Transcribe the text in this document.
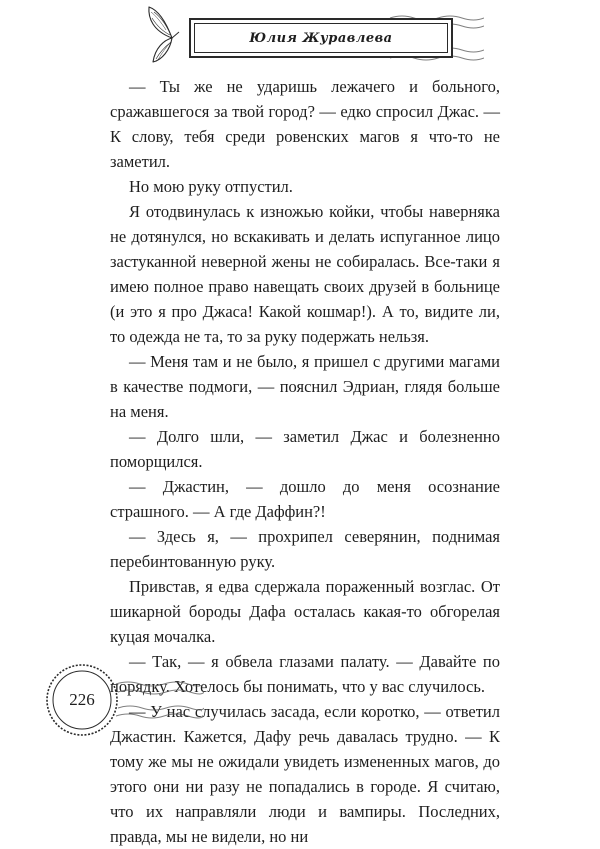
Юлия Журавлева

— Ты же не ударишь лежачего и больного, сражавшегося за твой город? — едко спросил Джас. — К слову, тебя среди ровенских магов я что-то не заметил.

Но мою руку отпустил.

Я отодвинулась к изножью койки, чтобы наверняка не дотянулся, но вскакивать и делать испуганное лицо застуканной неверной жены не собиралась. Все-таки я имею полное право навещать своих друзей в больнице (и это я про Джаса! Какой кошмар!). А то, видите ли, то одежда не та, то за руку подержать нельзя.

— Меня там и не было, я пришел с другими магами в качестве подмоги, — пояснил Эдриан, глядя больше на меня.

— Долго шли, — заметил Джас и болезненно поморщился.

— Джастин, — дошло до меня осознание страшного. — А где Даффин?!

— Здесь я, — прохрипел северянин, поднимая перебинтованную руку.

Привстав, я едва сдержала пораженный возглас. От шикарной бороды Дафа осталась какая-то обгорелая куцая мочалка.

— Так, — я обвела глазами палату. — Давайте по порядку. Хотелось бы понимать, что у вас случилось.

— У нас случилась засада, если коротко, — ответил Джастин. Кажется, Дафу речь давалась трудно. — К тому же мы не ожидали увидеть измененных магов, до этого они ни разу не попадались в городе. Я считаю, что их направляли люди и вампиры. Последних, правда, мы не видели, но ни

226
